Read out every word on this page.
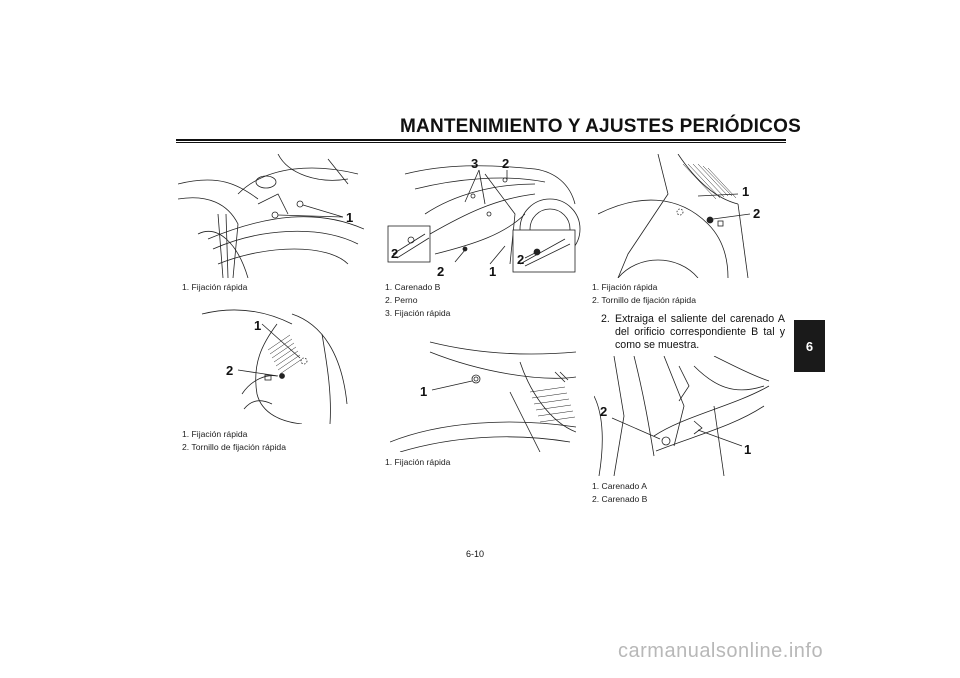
MANTENIMIENTO Y AJUSTES PERIÓDICOS
6
1
1. Fijación rápida
1
2
1. Fijación rápida
2. Tornillo de fijación rápida
3 2
2
2	1
2
1. Carenado B
2. Perno
3. Fijación rápida
1
1. Fijación rápida
1
2
1. Fijación rápida
2. Tornillo de fijación rápida
2. Extraiga el saliente del carenado A del orificio correspondiente B tal y como se muestra.
2
1
1. Carenado A
2. Carenado B
6-10
carmanualsonline.info
